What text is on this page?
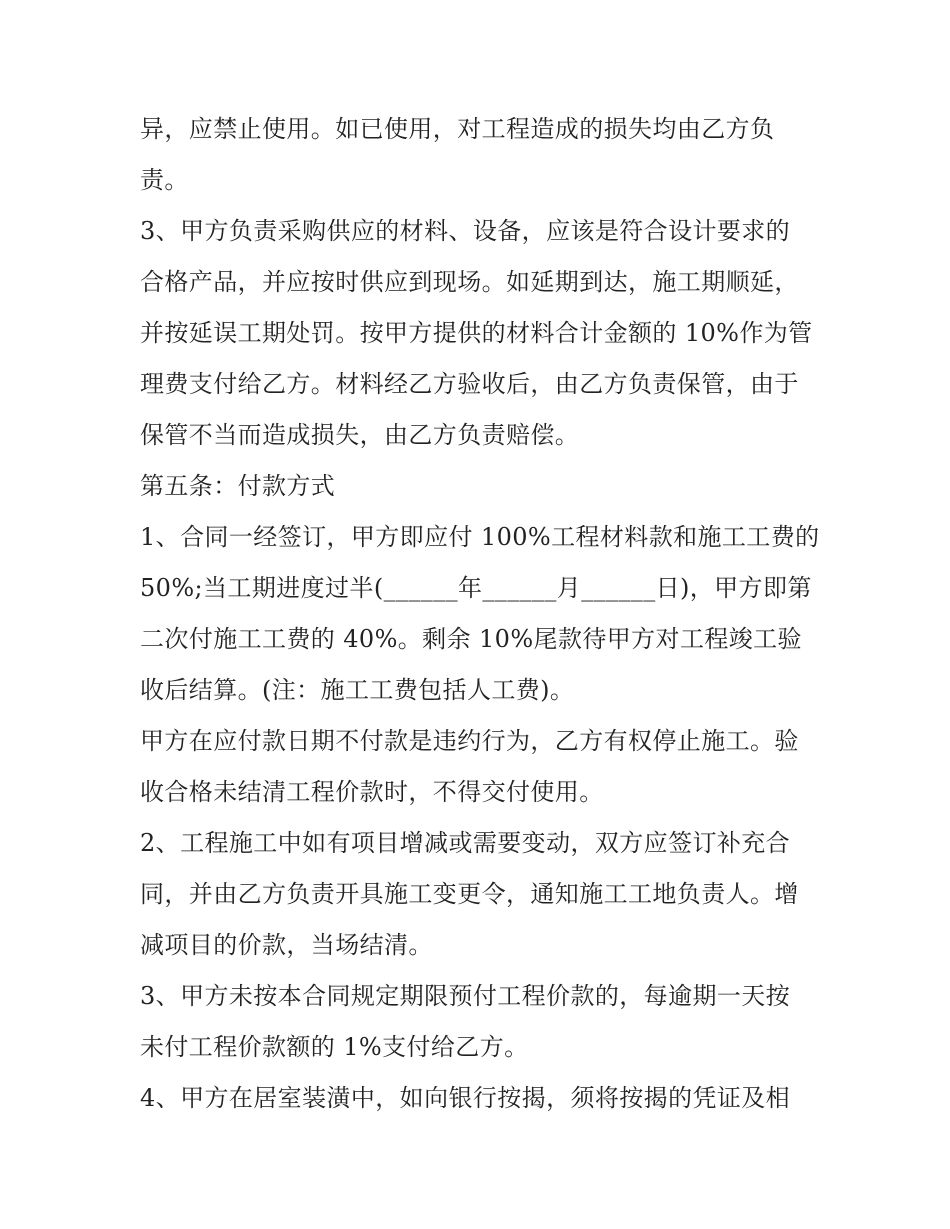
异，应禁止使用。如已使用，对工程造成的损失均由乙方负
责。
3、甲方负责采购供应的材料、设备，应该是符合设计要求的
合格产品，并应按时供应到现场。如延期到达，施工期顺延，
并按延误工期处罚。按甲方提供的材料合计金额的 10%作为管
理费支付给乙方。材料经乙方验收后，由乙方负责保管，由于
保管不当而造成损失，由乙方负责赔偿。
第五条：付款方式
1、合同一经签订，甲方即应付 100%工程材料款和施工工费的
50%;当工期进度过半(______年______月______日)，甲方即第
二次付施工工费的 40%。剩余 10%尾款待甲方对工程竣工验
收后结算。(注：施工工费包括人工费)。
甲方在应付款日期不付款是违约行为，乙方有权停止施工。验
收合格未结清工程价款时，不得交付使用。
2、工程施工中如有项目增减或需要变动，双方应签订补充合
同，并由乙方负责开具施工变更令，通知施工工地负责人。增
减项目的价款，当场结清。
3、甲方未按本合同规定期限预付工程价款的，每逾期一天按
未付工程价款额的 1%支付给乙方。
4、甲方在居室装潢中，如向银行按揭，须将按揭的凭证及相
